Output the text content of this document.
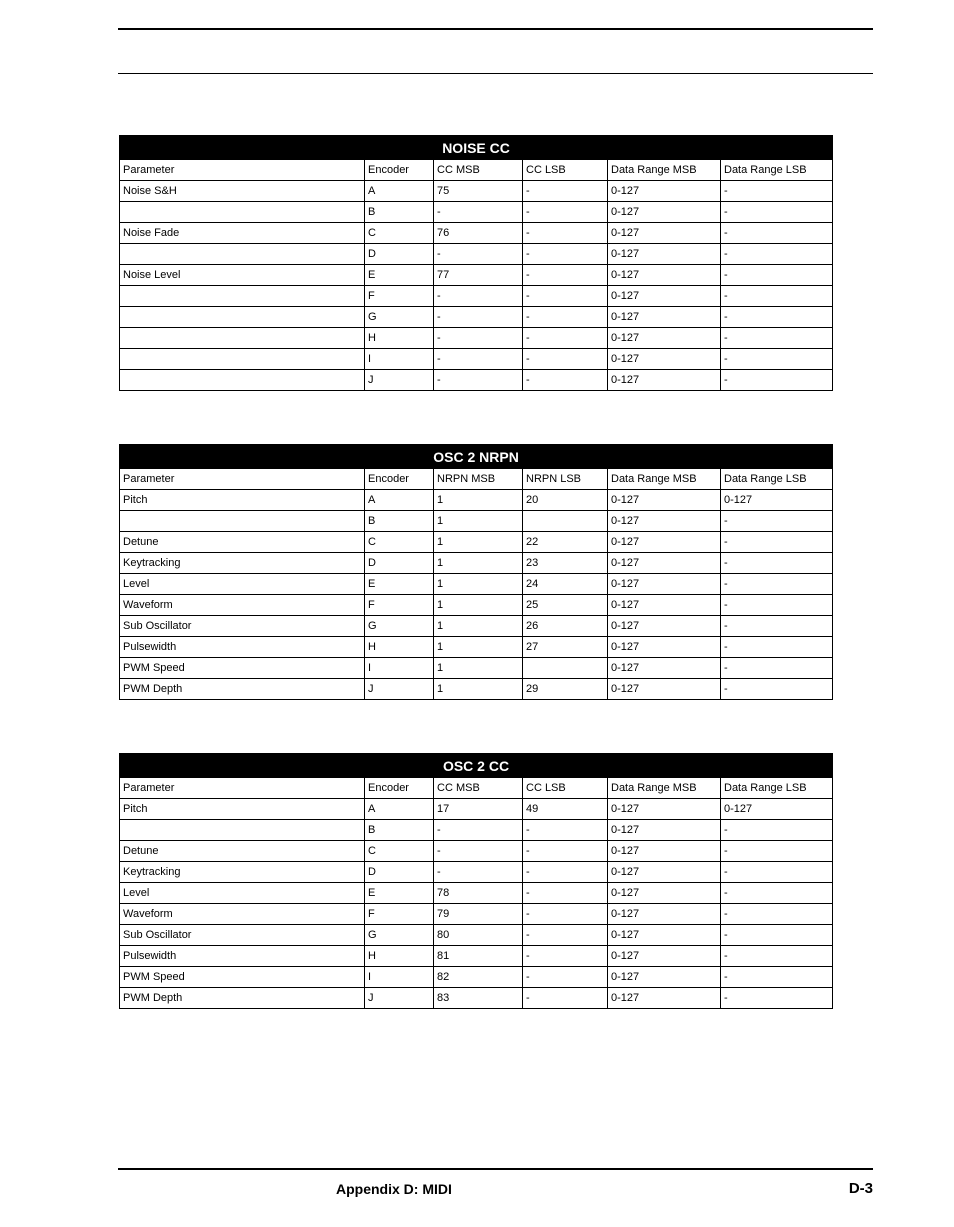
NOISE CC					
Parameter	Encoder	CC MSB	CC LSB	Data Range MSB	Data Range LSB
Noise S&H	A	75	-	0-127	-
	B	-	-	0-127	-
Noise Fade	C	76	-	0-127	-
	D	-	-	0-127	-
Noise Level	E	77	-	0-127	-
	F	-	-	0-127	-
	G	-	-	0-127	-
	H	-	-	0-127	-
	I	-	-	0-127	-
	J	-	-	0-127	-
OSC 2 NRPN					
Parameter	Encoder	NRPN MSB	NRPN LSB	Data Range MSB	Data Range LSB
Pitch	A	1	20	0-127	0-127
	B	1		0-127	-
Detune	C	1	22	0-127	-
Keytracking	D	1	23	0-127	-
Level	E	1	24	0-127	-
Waveform	F	1	25	0-127	-
Sub Oscillator	G	1	26	0-127	-
Pulsewidth	H	1	27	0-127	-
PWM Speed	I	1		0-127	-
PWM Depth	J	1	29	0-127	-
OSC 2 CC					
Parameter	Encoder	CC MSB	CC LSB	Data Range MSB	Data Range LSB
Pitch	A	17	49	0-127	0-127
	B	-	-	0-127	-
Detune	C	-	-	0-127	-
Keytracking	D	-	-	0-127	-
Level	E	78	-	0-127	-
Waveform	F	79	-	0-127	-
Sub Oscillator	G	80	-	0-127	-
Pulsewidth	H	81	-	0-127	-
PWM Speed	I	82	-	0-127	-
PWM Depth	J	83	-	0-127	-
Appendix D: MIDI	D-3
